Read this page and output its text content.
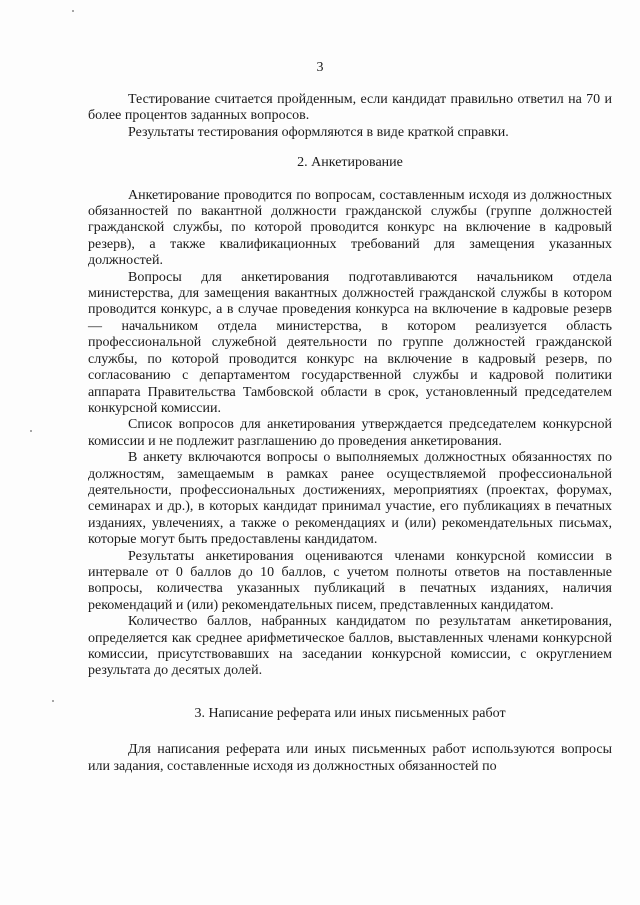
3

Тестирование считается пройденным, если кандидат правильно ответил на 70 и более процентов заданных вопросов.

Результаты тестирования оформляются в виде краткой справки.

2. Анкетирование

Анкетирование проводится по вопросам, составленным исходя из должностных обязанностей по вакантной должности гражданской службы (группе должностей гражданской службы, по которой проводится конкурс на включение в кадровый резерв), а также квалификационных требований для замещения указанных должностей.

Вопросы для анкетирования подготавливаются начальником отдела министерства, для замещения вакантных должностей гражданской службы в котором проводится конкурс, а в случае проведения конкурса на включение в кадровые резерв — начальником отдела министерства, в котором реализуется область профессиональной служебной деятельности по группе должностей гражданской службы, по которой проводится конкурс на включение в кадровый резерв, по согласованию с департаментом государственной службы и кадровой политики аппарата Правительства Тамбовской области в срок, установленный председателем конкурсной комиссии.

Список вопросов для анкетирования утверждается председателем конкурсной комиссии и не подлежит разглашению до проведения анкетирования.

В анкету включаются вопросы о выполняемых должностных обязанностях по должностям, замещаемым в рамках ранее осуществляемой профессиональной деятельности, профессиональных достижениях, мероприятиях (проектах, форумах, семинарах и др.), в которых кандидат принимал участие, его публикациях в печатных изданиях, увлечениях, а также о рекомендациях и (или) рекомендательных письмах, которые могут быть предоставлены кандидатом.

Результаты анкетирования оцениваются членами конкурсной комиссии в интервале от 0 баллов до 10 баллов, с учетом полноты ответов на поставленные вопросы, количества указанных публикаций в печатных изданиях, наличия рекомендаций и (или) рекомендательных писем, представленных кандидатом.

Количество баллов, набранных кандидатом по результатам анкетирования, определяется как среднее арифметическое баллов, выставленных членами конкурсной комиссии, присутствовавших на заседании конкурсной комиссии, с округлением результата до десятых долей.

3. Написание реферата или иных письменных работ

Для написания реферата или иных письменных работ используются вопросы или задания, составленные исходя из должностных обязанностей по
